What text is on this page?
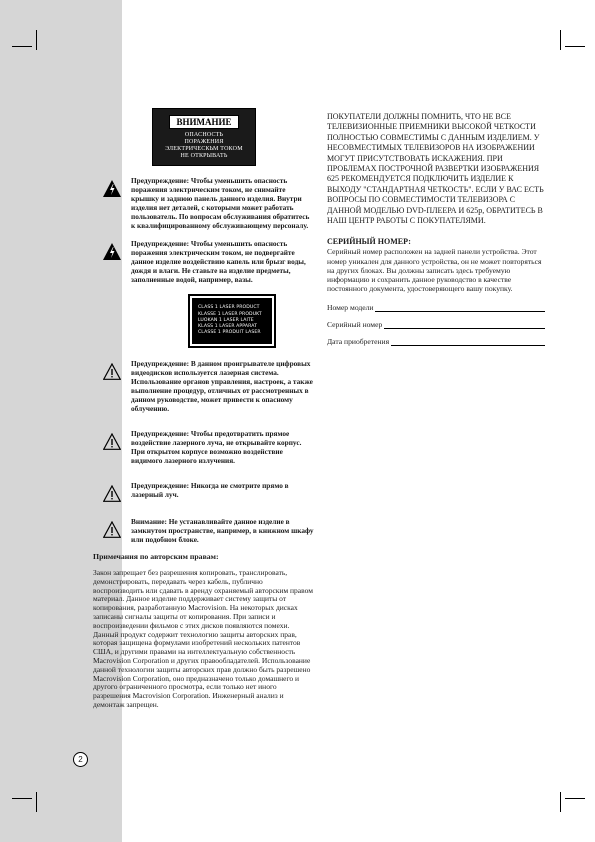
ВНИМАНИЕ
ОПАСНОСТЬ
ПОРАЖЕНИЯ
ЭЛЕКТРИЧЕСКЬМ ТОКОМ
НЕ ОТКРЫВАТЬ
Предупреждение: Чтобы уменьшить опасность поражения электрическим током, не снимайте крышку и заднюю панель данного изделия. Внутри изделия нет деталей, с которыми может работать пользователь. По вопросам обслуживания обратитесь к квалифицированному обслуживающему персоналу.
Предупреждение: Чтобы уменьшить опасность поражения электрическим током, не подвергайте данное изделие воздействию капель или брызг воды, дождя и влаги. Не ставьте на изделие предметы, заполненные водой, например, вазы.
CLASS 1 LASER PRODUCT
KLASSE 1 LASER PRODUKT
LUOKAN 1 LASER LAITE
KLASS 1 LASER APPARAT
CLASSE 1 PRODUIT LASER
Предупреждение: В данном проигрывателе цифровых видеодисков используется лазерная система. Использование органов управления, настроек, а также выполнение процедур, отличных от рассмотренных в данном руководстве, может привести к опасному облучению.
Предупреждение: Чтобы предотвратить прямое воздействие лазерного луча, не открывайте корпус. При открытом корпусе возможно воздействие видимого лазерного излучения.
Предупреждение: Никогда не смотрите прямо в лазерный луч.
Внимание: Не устанавливайте данное изделие в замкнутом пространстве, например, в книжном шкафу или подобном блоке.
Примечания по авторским правам:
Закон запрещает без разрешения копировать, транслировать, демонстрировать, передавать через кабель, публично воспроизводить или сдавать в аренду охраняемый авторским правом материал. Данное изделие поддерживает систему защиты от копирования, разработанную Macrovision. На некоторых дисках записаны сигналы защиты от копирования. При записи и воспроизведении фильмов с этих дисков появляются помехи. Данный продукт содержит технологию защиты авторских прав, которая защищена формулами изобретений нескольких патентов США, и другими правами на интеллектуальную собственность Macrovision Corporation и других правообладателей. Использование данной технологии защиты авторских прав должно быть разрешено Macrovision Corporation, оно предназначено только домашнего и другого ограниченного просмотра, если только нет иного разрешения Macrovision Corporation. Инженерный анализ и демонтаж запрещен.
ПОКУПАТЕЛИ ДОЛЖНЫ ПОМНИТЬ, ЧТО НЕ ВСЕ ТЕЛЕВИЗИОННЫЕ ПРИЕМНИКИ ВЫСОКОЙ ЧЕТКОСТИ ПОЛНОСТЬЮ СОВМЕСТИМЫ С ДАННЫМ ИЗДЕЛИЕМ. У НЕСОВМЕСТИМЫХ ТЕЛЕВИЗОРОВ НА ИЗОБРАЖЕНИИ МОГУТ ПРИСУТСТВОВАТЬ ИСКАЖЕНИЯ. ПРИ ПРОБЛЕМАХ ПОСТРОЧНОЙ РАЗВЕРТКИ ИЗОБРАЖЕНИЯ 625 РЕКОМЕНДУЕТСЯ ПОДКЛЮЧИТЬ ИЗДЕЛИЕ К ВЫХОДУ "СТАНДАРТНАЯ ЧЕТКОСТЬ". ЕСЛИ У ВАС ЕСТЬ ВОПРОСЫ ПО СОВМЕСТИМОСТИ ТЕЛЕВИЗОРА С ДАННОЙ МОДЕЛЬЮ DVD-ПЛЕЕРА И 625р, ОБРАТИТЕСЬ В НАШ ЦЕНТР РАБОТЫ С ПОКУПАТЕЛЯМИ.
СЕРИЙНЫЙ НОМЕР:
Серийный номер расположен на задней панели устройства. Этот номер уникален для данного устройства, он не может повторяться на других блоках. Вы должны записать здесь требуемую информацию и сохранить данное руководство в качестве постоянного документа, удостоверяющего вашу покупку.
Номер модели
Серийный номер
Дата приобретения
2
